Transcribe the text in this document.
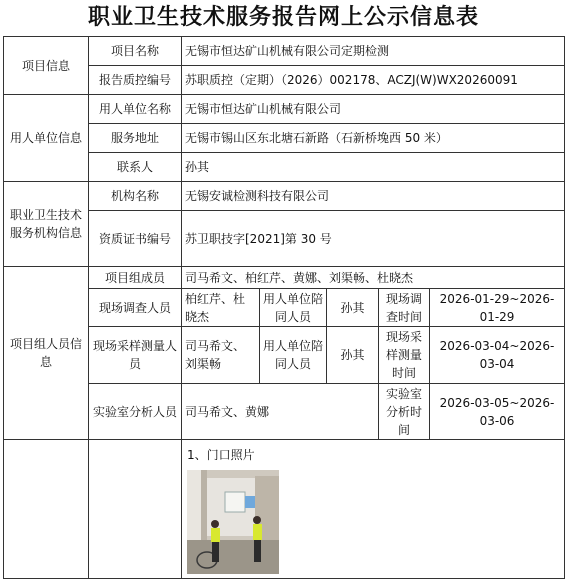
职业卫生技术服务报告网上公示信息表
项目信息	项目名称	无锡市恒达矿山机械有限公司定期检测				
	报告质控编号	苏职质控（定期）（2026）002178、ACZJ(W)WX20260091				
用人单位信息	用人单位名称	无锡市恒达矿山机械有限公司				
	服务地址	无锡市锡山区东北塘石新路（石新桥堍西 50 米）				
	联系人	孙其				
职业卫生技术服务机构信息	机构名称	无锡安诚检测科技有限公司				
	资质证书编号	苏卫职技字[2021]第 30 号				
项目组人员信息	项目组成员	司马希文、柏红芹、黄娜、刘渠畅、杜晓杰				
	现场调查人员	柏红芹、杜晓杰	用人单位陪同人员	孙其	现场调查时间	2026-01-29~2026-01-29
	现场采样测量人员	司马希文、刘渠畅	用人单位陪同人员	孙其	现场采样测量时间	2026-03-04~2026-03-04
	实验室分析人员	司马希文、黄娜			实验室分析时间	2026-03-05~2026-03-06

		1、门口照片				
